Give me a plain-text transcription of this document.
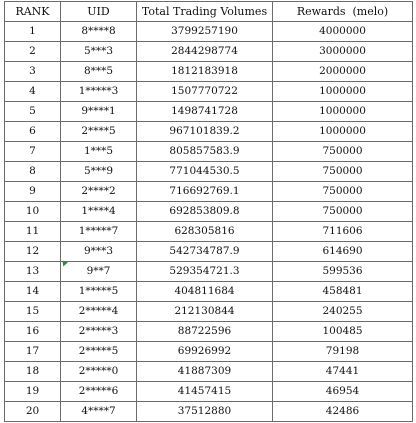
RANK	UID	Total Trading Volumes	Rewards  (melo)
1	8****8	3799257190	4000000
2	5***3	2844298774	3000000
3	8***5	1812183918	2000000
4	1*****3	1507770722	1000000
5	9****1	1498741728	1000000
6	2****5	967101839.2	1000000
7	1***5	805857583.9	750000
8	5***9	771044530.5	750000
9	2****2	716692769.1	750000
10	1****4	692853809.8	750000
11	1*****7	628305816	711606
12	9***3	542734787.9	614690
13	9**7	529354721.3	599536
14	1*****5	404811684	458481
15	2*****4	212130844	240255
16	2*****3	88722596	100485
17	2*****5	69926992	79198
18	2*****0	41887309	47441
19	2*****6	41457415	46954
20	4****7	37512880	42486
